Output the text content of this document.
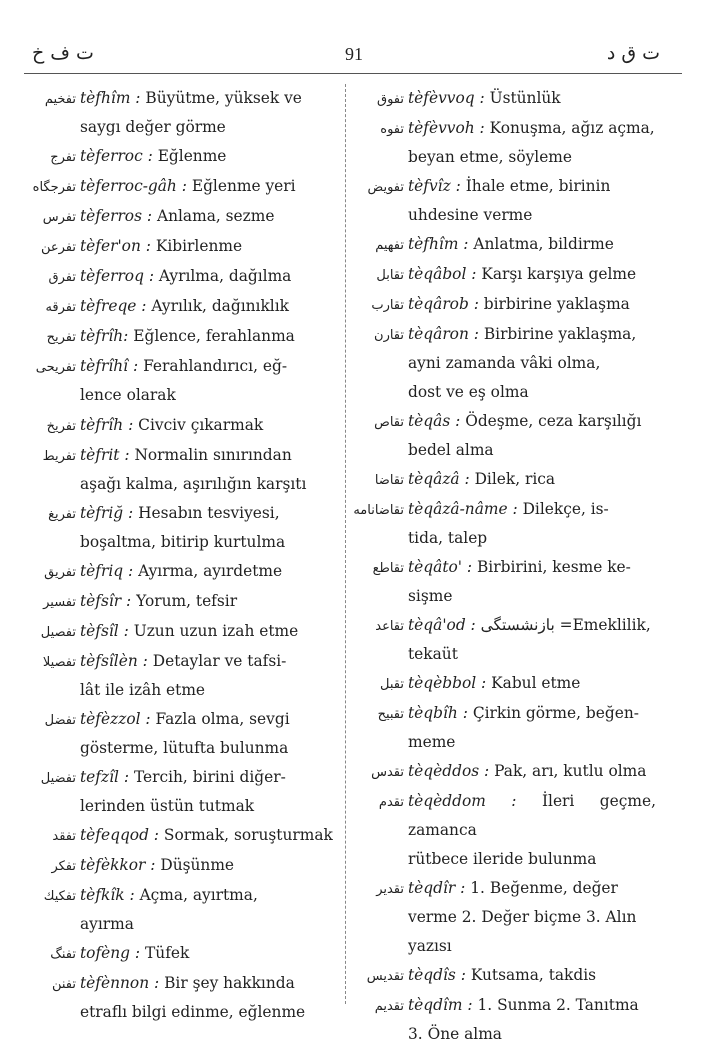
ت ف خ	91	ت ق د
تفخيم tèfhîm : Büyütme, yüksek ve
saygı değer görme
تفرج tèferroc : Eğlenme
تفرجگاه tèferroc-gâh : Eğlenme yeri
تفرس tèferros : Anlama, sezme
تفرعن tèfer'on : Kibirlenme
تفرق tèferroq : Ayrılma, dağılma
تفرقه tèfreqe : Ayrılık, dağınıklık
تفريح tèfrîh: Eğlence, ferahlanma
تفريحى tèfrîhî : Ferahlandırıcı, eğ-
lence olarak
تفريخ tèfrîh : Civciv çıkarmak
تفريط tèfrit : Normalin sınırından
aşağı kalma, aşırılığın karşıtı
تفريغ tèfriğ : Hesabın tesviyesi,
boşaltma, bitirip kurtulma
تفريق tèfriq : Ayırma, ayırdetme
تفسير tèfsîr : Yorum, tefsir
تفصيل tèfsîl : Uzun uzun izah etme
تفصيلا tèfsîlèn : Detaylar ve tafsi-
lât ile izâh etme
تفضل tèfèzzol : Fazla olma, sevgi
gösterme, lütufta bulunma
تفضيل tefzîl : Tercih, birini diğer-
lerinden üstün tutmak
تفقد tèfeqqod : Sormak, soruşturmak
تفكر tèfèkkor : Düşünme
تفكيك tèfkîk : Açma, ayırtma,
ayırma
تفنگ tofèng : Tüfek
تفنن tèfènnon : Bir şey hakkında
etraflı bilgi edinme, eğlenme
تفوق tèfèvvoq : Üstünlük
تفوه tèfèvvoh : Konuşma, ağız açma,
beyan etme, söyleme
تفويض tèfvîz : İhale etme, birinin
uhdesine verme
تفهيم tèfhîm : Anlatma, bildirme
تقابل tèqâbol : Karşı karşıya gelme
تقارب tèqârob : birbirine yaklaşma
تقارن tèqâron : Birbirine yaklaşma,
ayni zamanda vâki olma,
dost ve eş olma
تقاص tèqâs : Ödeşme, ceza karşılığı
bedel alma
تقاضا tèqâzâ : Dilek, rica
تقاضانامه tèqâzâ-nâme : Dilekçe, is-
tida, talep
تقاطع tèqâto' : Birbirini, kesme ke-
sişme
تقاعد tèqâ'od : بازنشستگى =Emeklilik,
tekaüt
تقبل tèqèbbol : Kabul etme
تقبيح tèqbîh : Çirkin görme, beğen-
meme
تقدس tèqèddos : Pak, arı, kutlu olma
تقدم tèqèddom : İleri geçme, zamanca
rütbece ileride bulunma
تقدير tèqdîr : 1. Beğenme, değer
verme 2. Değer biçme 3. Alın
yazısı
تقديس tèqdîs : Kutsama, takdis
تقديم tèqdîm : 1. Sunma 2. Tanıtma
3. Öne alma
